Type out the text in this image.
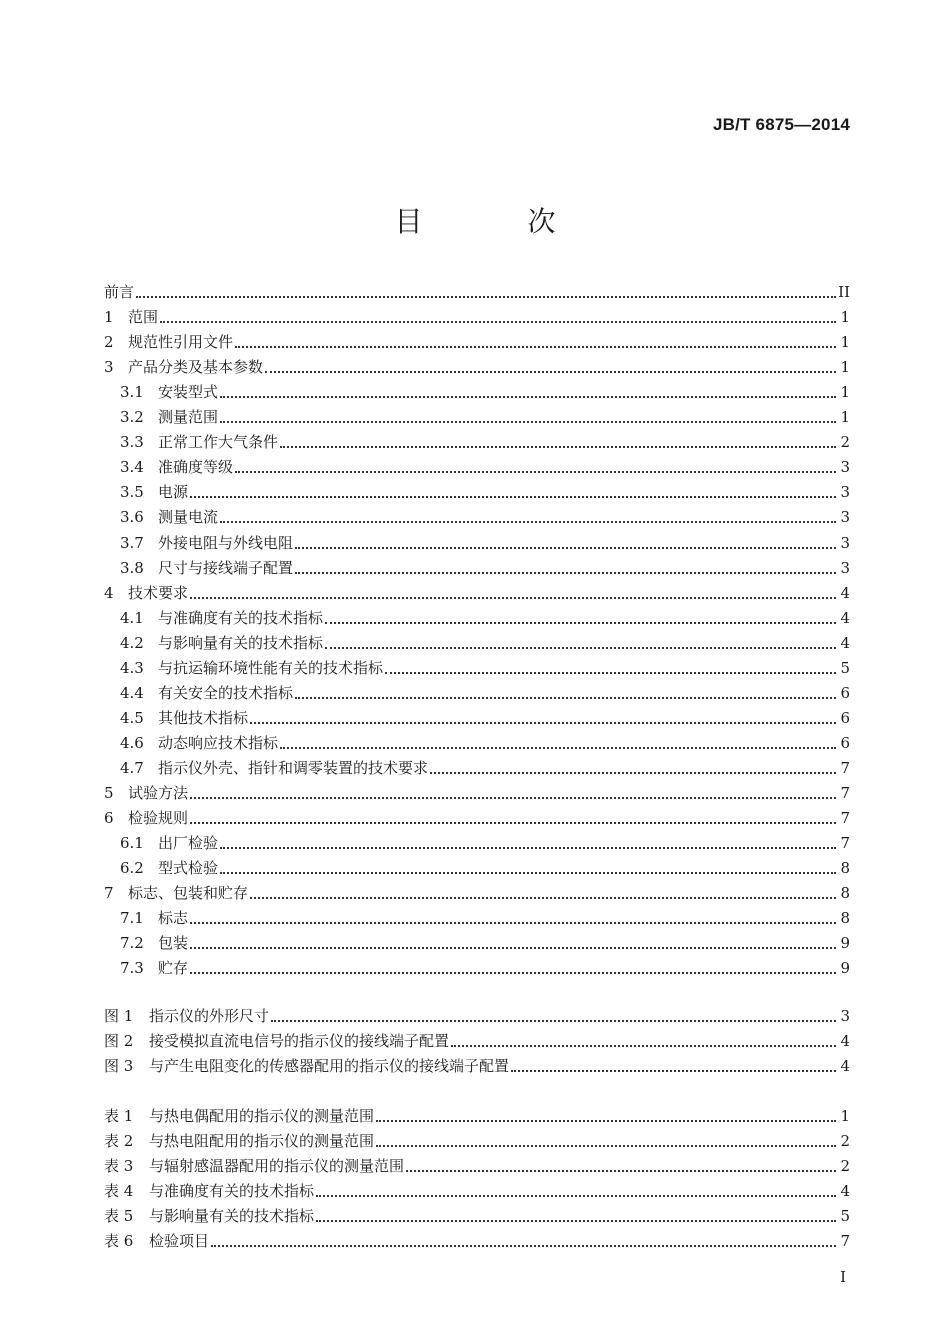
JB/T 6875—2014
目 次
前言	II
1 范围	1
2 规范性引用文件	1
3 产品分类及基本参数	1
3.1 安装型式	1
3.2 测量范围	1
3.3 正常工作大气条件	2
3.4 准确度等级	3
3.5 电源	3
3.6 测量电流	3
3.7 外接电阻与外线电阻	3
3.8 尺寸与接线端子配置	3
4 技术要求	4
4.1 与准确度有关的技术指标	4
4.2 与影响量有关的技术指标	4
4.3 与抗运输环境性能有关的技术指标	5
4.4 有关安全的技术指标	6
4.5 其他技术指标	6
4.6 动态响应技术指标	6
4.7 指示仪外壳、指针和调零装置的技术要求	7
5 试验方法	7
6 检验规则	7
6.1 出厂检验	7
6.2 型式检验	8
7 标志、包装和贮存	8
7.1 标志	8
7.2 包装	9
7.3 贮存	9
图 1	指示仪的外形尺寸	3
图 2	接受模拟直流电信号的指示仪的接线端子配置	4
图 3	与产生电阻变化的传感器配用的指示仪的接线端子配置	4
表 1	与热电偶配用的指示仪的测量范围	1
表 2	与热电阻配用的指示仪的测量范围	2
表 3	与辐射感温器配用的指示仪的测量范围	2
表 4	与准确度有关的技术指标	4
表 5	与影响量有关的技术指标	5
表 6	检验项目	7
I
